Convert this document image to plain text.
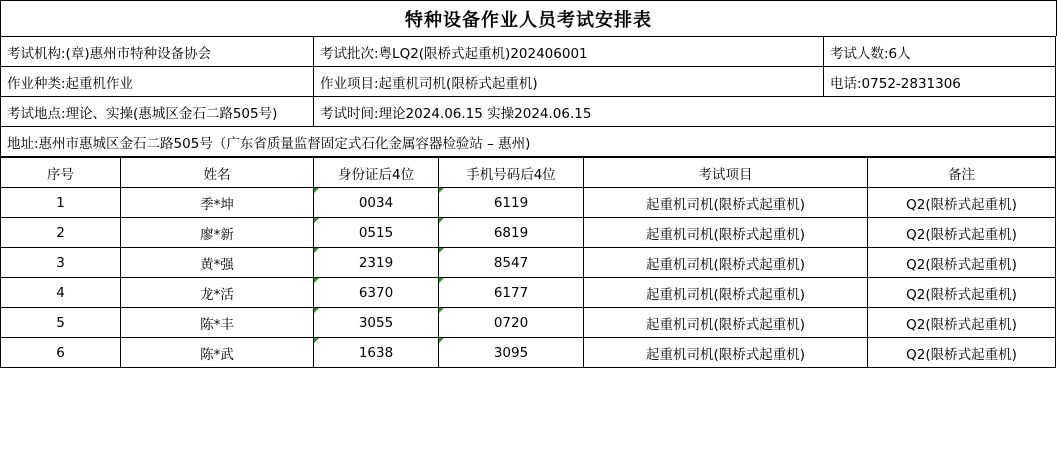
特种设备作业人员考试安排表
考试机构:(章)惠州市特种设备协会	考试批次:粤LQ2(限桥式起重机)202406001	考试人数:6人
作业种类:起重机作业	作业项目:起重机司机(限桥式起重机)	电话:0752-2831306
考试地点:理论、实操(惠城区金石二路505号)	考试时间:理论2024.06.15 实操2024.06.15	
地址:惠州市惠城区金石二路505号（广东省质量监督固定式石化金属容器检验站 – 惠州)		
序号	姓名	身份证后4位	手机号码后4位	考试项目	备注
1	季*坤	0034	6119	起重机司机(限桥式起重机)	Q2(限桥式起重机)
2	廖*新	0515	6819	起重机司机(限桥式起重机)	Q2(限桥式起重机)
3	黄*强	2319	8547	起重机司机(限桥式起重机)	Q2(限桥式起重机)
4	龙*活	6370	6177	起重机司机(限桥式起重机)	Q2(限桥式起重机)
5	陈*丰	3055	0720	起重机司机(限桥式起重机)	Q2(限桥式起重机)
6	陈*武	1638	3095	起重机司机(限桥式起重机)	Q2(限桥式起重机)
